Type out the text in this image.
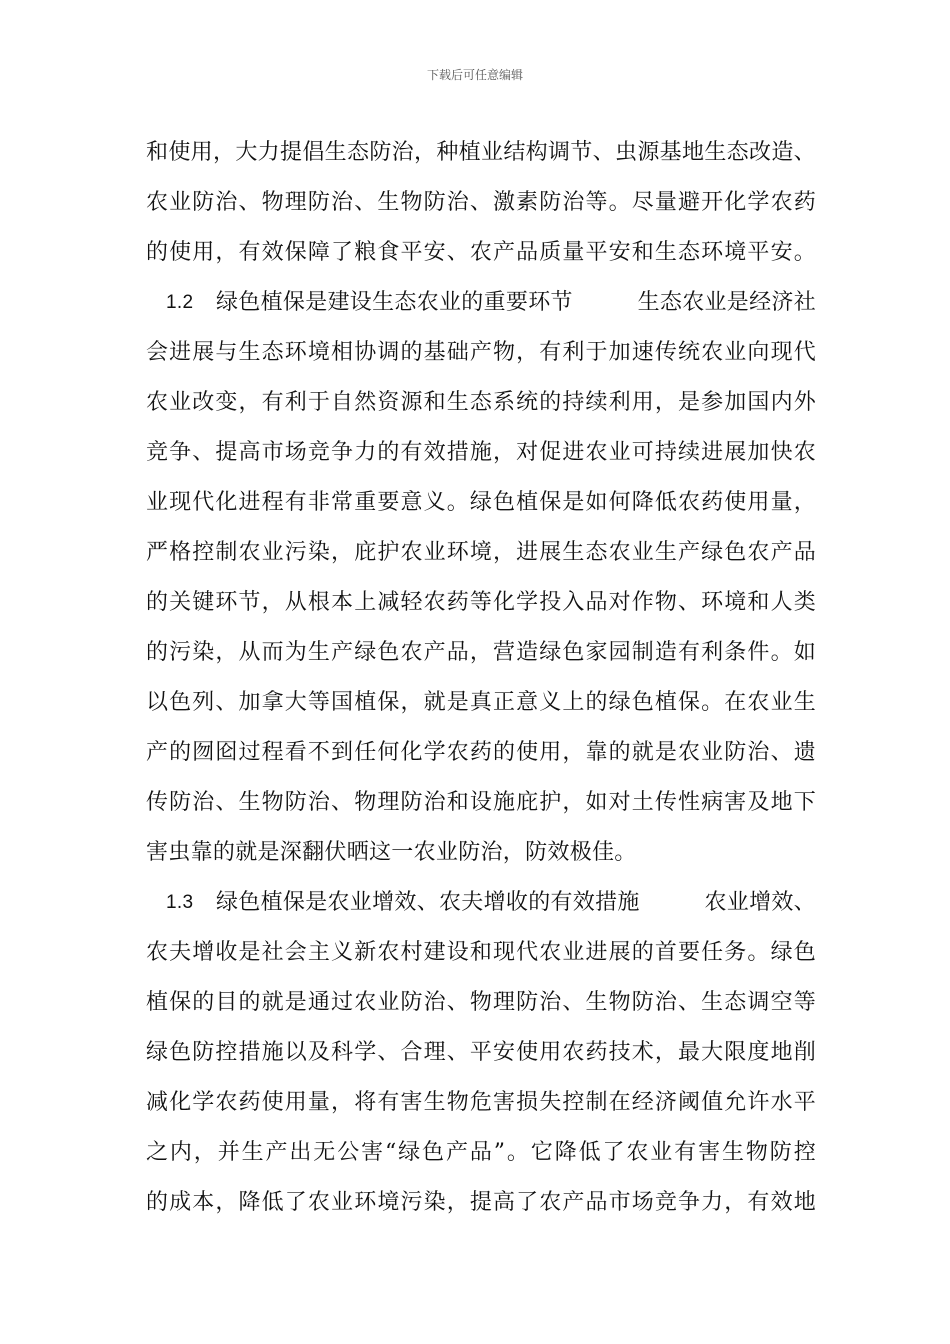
下载后可任意编辑
和使用，大力提倡生态防治，种植业结构调节、虫源基地生态改造、
农业防治、物理防治、生物防治、激素防治等。尽量避开化学农药
的使用，有效保障了粮食平安、农产品质量平安和生态环境平安。
1.2	绿色植保是建设生态农业的重要环节	生态农业是经济社
会进展与生态环境相协调的基础产物，有利于加速传统农业向现代
农业改变，有利于自然资源和生态系统的持续利用，是参加国内外
竞争、提高市场竞争力的有效措施，对促进农业可持续进展加快农
业现代化进程有非常重要意义。绿色植保是如何降低农药使用量，
严格控制农业污染，庇护农业环境，进展生态农业生产绿色农产品
的关键环节，从根本上减轻农药等化学投入品对作物、环境和人类
的污染，从而为生产绿色农产品，营造绿色家园制造有利条件。如
以色列、加拿大等国植保，就是真正意义上的绿色植保。在农业生
产的囫囵过程看不到任何化学农药的使用，靠的就是农业防治、遗
传防治、生物防治、物理防治和设施庇护，如对土传性病害及地下
害虫靠的就是深翻伏晒这一农业防治，防效极佳。
1.3	绿色植保是农业增效、农夫增收的有效措施	农业增效、
农夫增收是社会主义新农村建设和现代农业进展的首要任务。绿色
植保的目的就是通过农业防治、物理防治、生物防治、生态调空等
绿色防控措施以及科学、合理、平安使用农药技术，最大限度地削
减化学农药使用量，将有害生物危害损失控制在经济阈值允许水平
之内，并生产出无公害“绿色产品”。它降低了农业有害生物防控
的成本，降低了农业环境污染，提高了农产品市场竞争力，有效地
